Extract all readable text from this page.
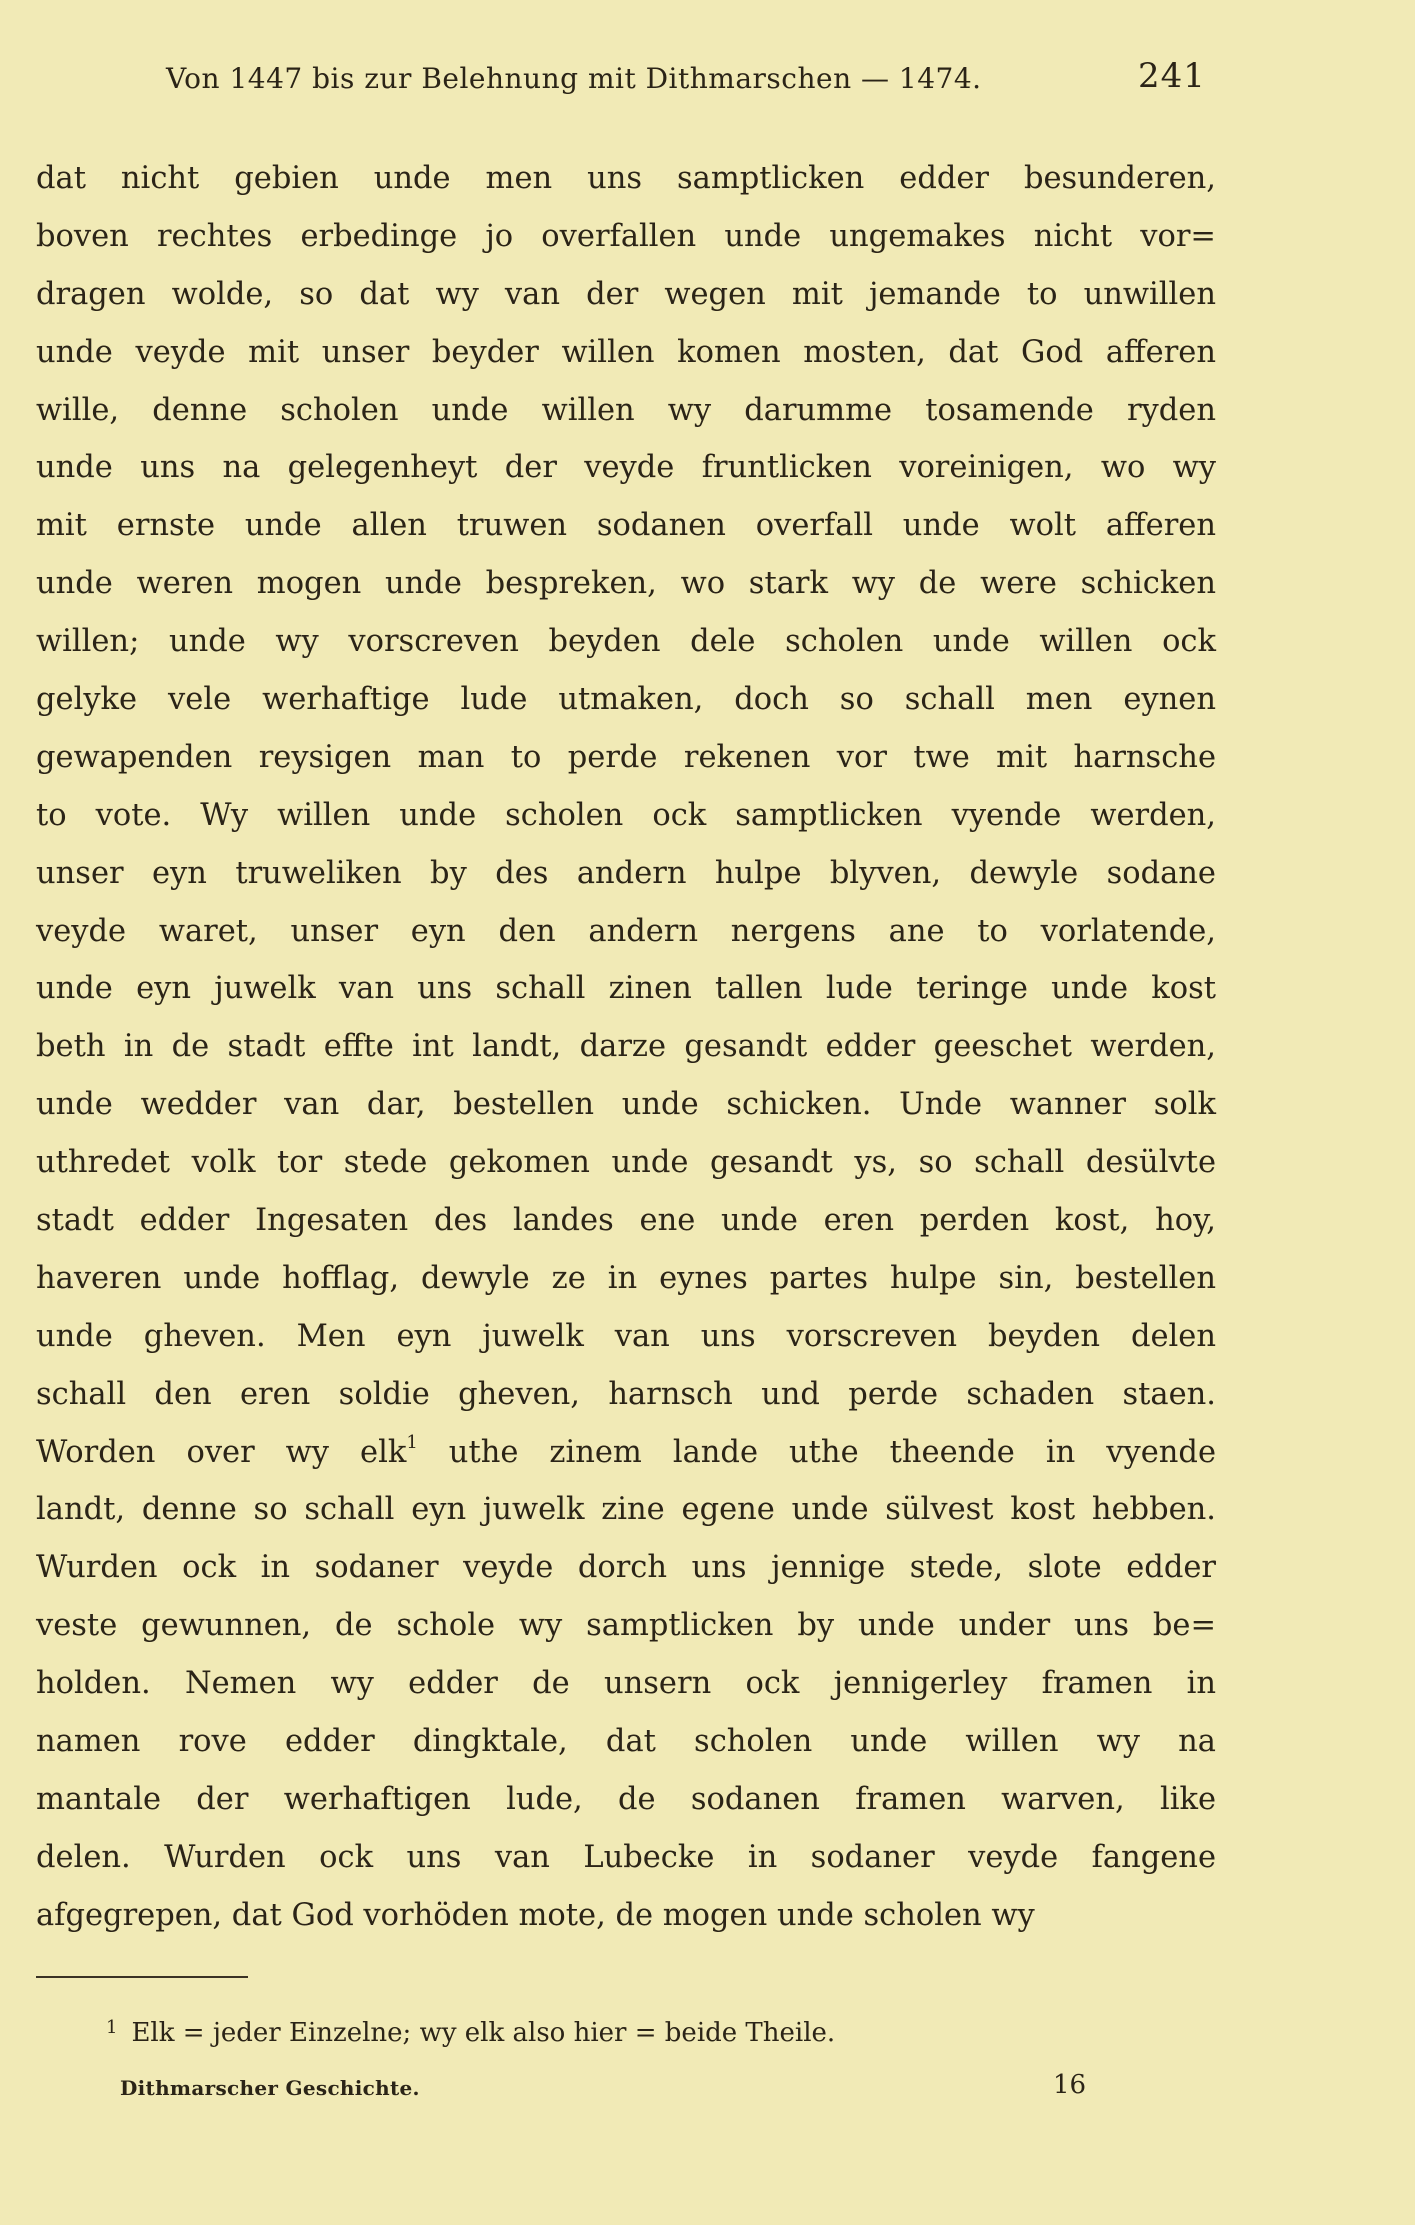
Von 1447 bis zur Belehnung mit Dithmarschen — 1474.	241
dat nicht gebien unde men uns samptlicken edder besunderen,
boven rechtes erbedinge jo overfallen unde ungemakes nicht vor=
dragen wolde, so dat wy van der wegen mit jemande to unwillen
unde veyde mit unser beyder willen komen mosten, dat God afferen
wille, denne scholen unde willen wy darumme tosamende ryden
unde uns na gelegenheyt der veyde fruntlicken voreinigen, wo wy
mit ernste unde allen truwen sodanen overfall unde wolt afferen
unde weren mogen unde bespreken, wo stark wy de were schicken
willen; unde wy vorscreven beyden dele scholen unde willen ock
gelyke vele werhaftige lude utmaken, doch so schall men eynen
gewapenden reysigen man to perde rekenen vor twe mit harnsche
to vote. Wy willen unde scholen ock samptlicken vyende werden,
unser eyn truweliken by des andern hulpe blyven, dewyle sodane
veyde waret, unser eyn den andern nergens ane to vorlatende,
unde eyn juwelk van uns schall zinen tallen lude teringe unde kost
beth in de stadt effte int landt, darze gesandt edder geeschet werden,
unde wedder van dar, bestellen unde schicken. Unde wanner solk
uthredet volk tor stede gekomen unde gesandt ys, so schall desülvte
stadt edder Ingesaten des landes ene unde eren perden kost, hoy,
haveren unde hofflag, dewyle ze in eynes partes hulpe sin, bestellen
unde gheven. Men eyn juwelk van uns vorscreven beyden delen
schall den eren soldie gheven, harnsch und perde schaden staen.
Worden over wy elk$^1$ uthe zinem lande uthe theende in vyende
landt, denne so schall eyn juwelk zine egene unde sülvest kost hebben.
Wurden ock in sodaner veyde dorch uns jennige stede, slote edder
veste gewunnen, de schole wy samptlicken by unde under uns be=
holden. Nemen wy edder de unsern ock jennigerley framen in
namen rove edder dingktale, dat scholen unde willen wy na
mantale der werhaftigen lude, de sodanen framen warven, like
delen. Wurden ock uns van Lubecke in sodaner veyde fangene
afgegrepen, dat God vorhöden mote, de mogen unde scholen wy
$^1$ Elk = jeder Einzelne; wy elk also hier = beide Theile.
Dithmarscher Geschichte.	16
